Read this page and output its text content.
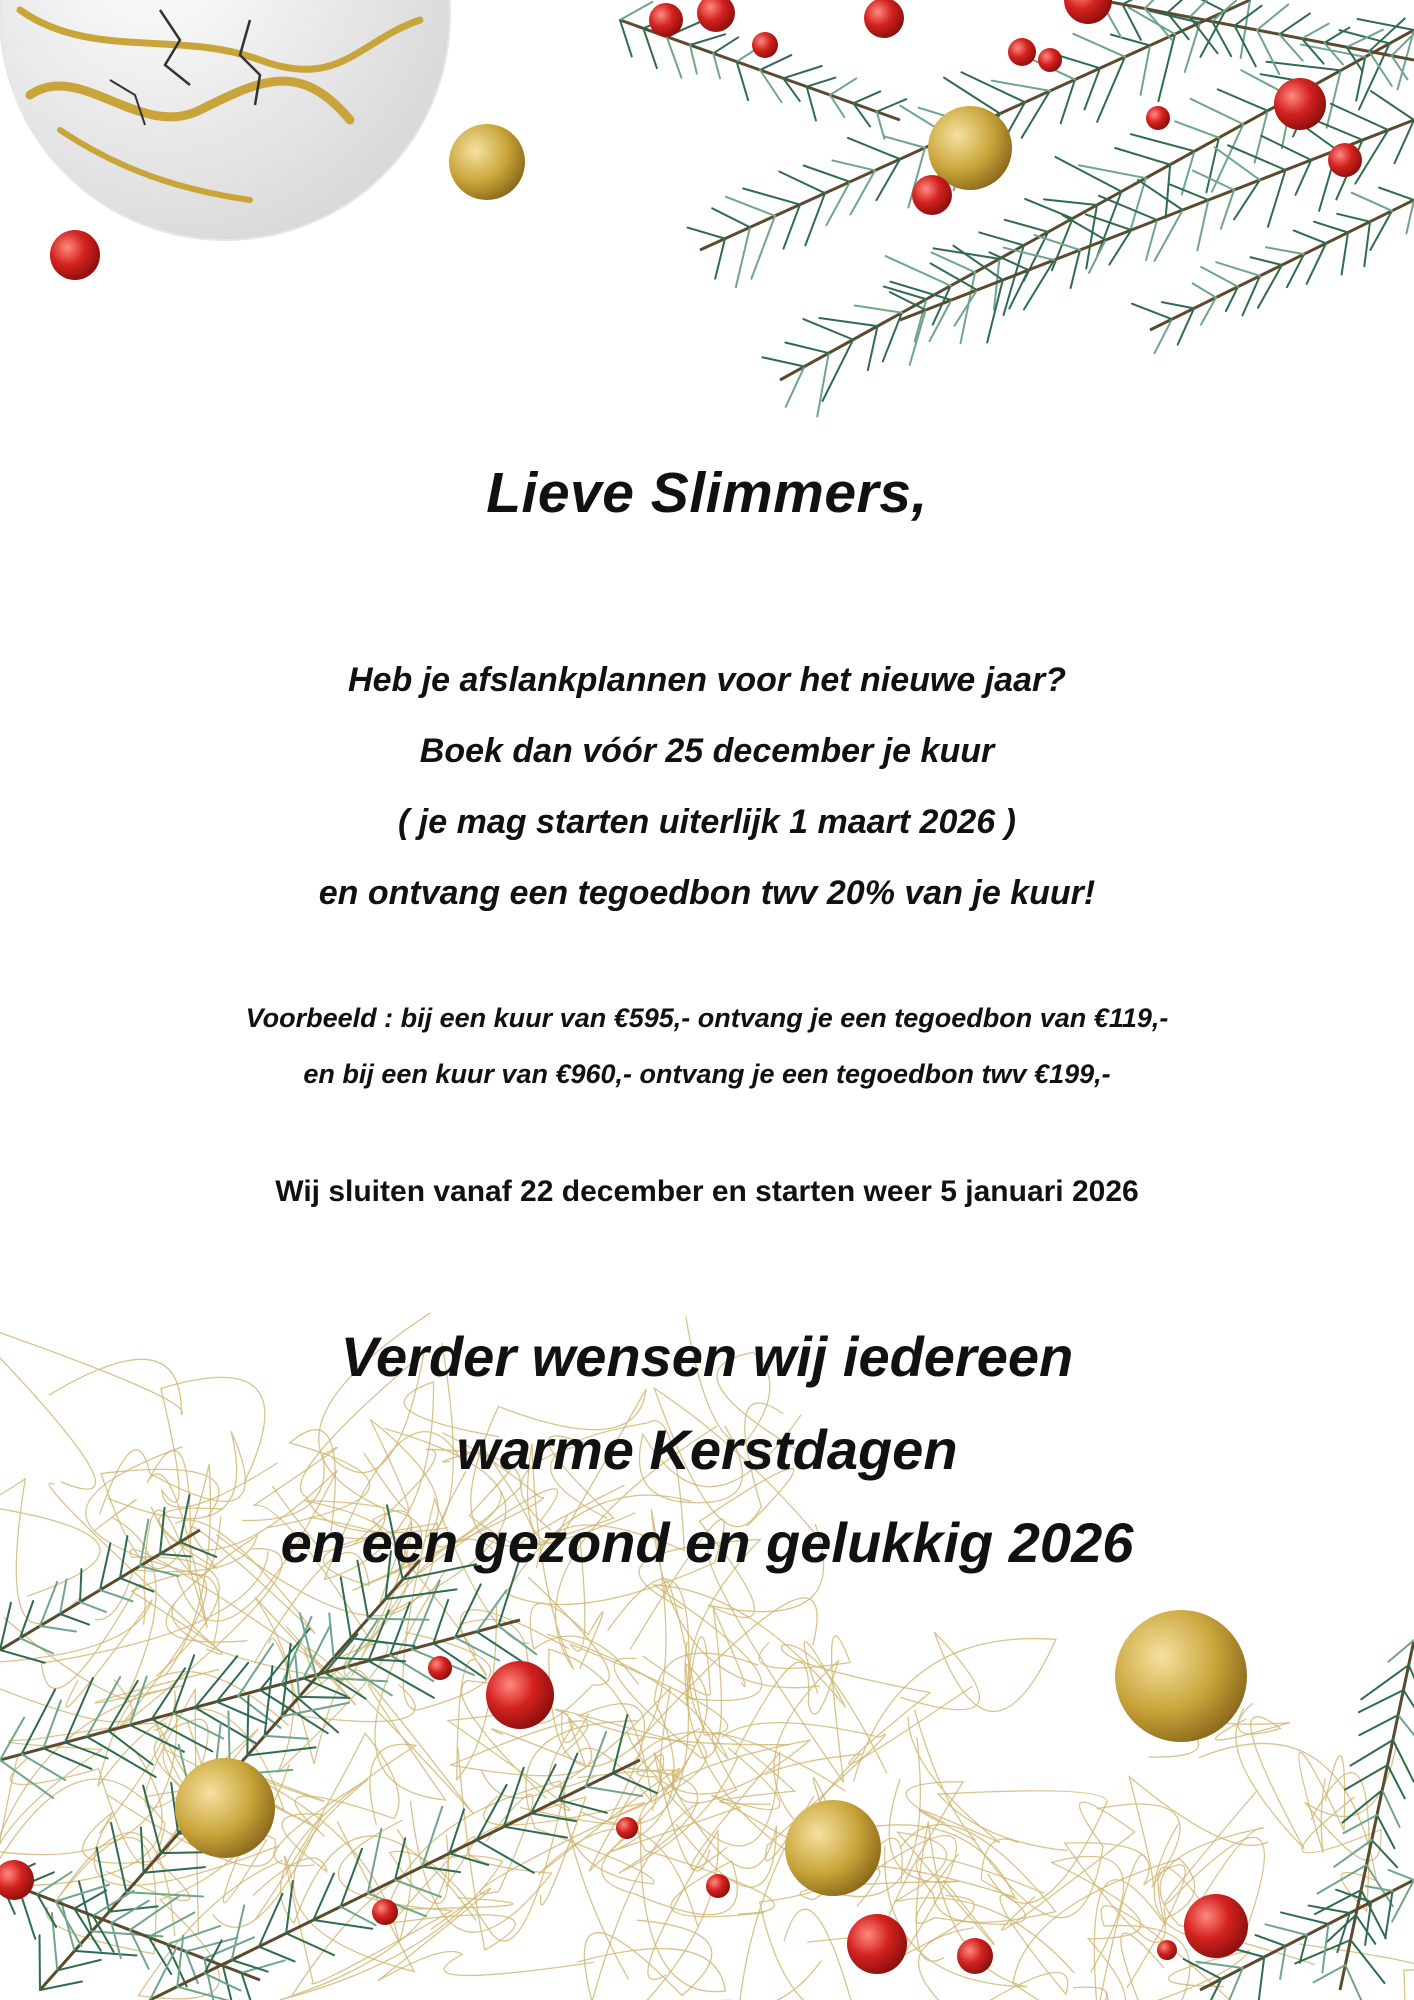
Lieve Slimmers,
Heb je afslankplannen voor het nieuwe jaar?
Boek dan vóór 25 december je kuur
( je mag starten uiterlijk 1 maart 2026 )
en ontvang een tegoedbon twv 20% van je kuur!
Voorbeeld : bij een kuur van €595,- ontvang je een tegoedbon van €119,-
en bij een kuur van €960,- ontvang je een tegoedbon twv €199,-
Wij sluiten vanaf 22 december en starten weer 5 januari 2026
Verder wensen wij iedereen
warme Kerstdagen
en een gezond en gelukkig 2026
